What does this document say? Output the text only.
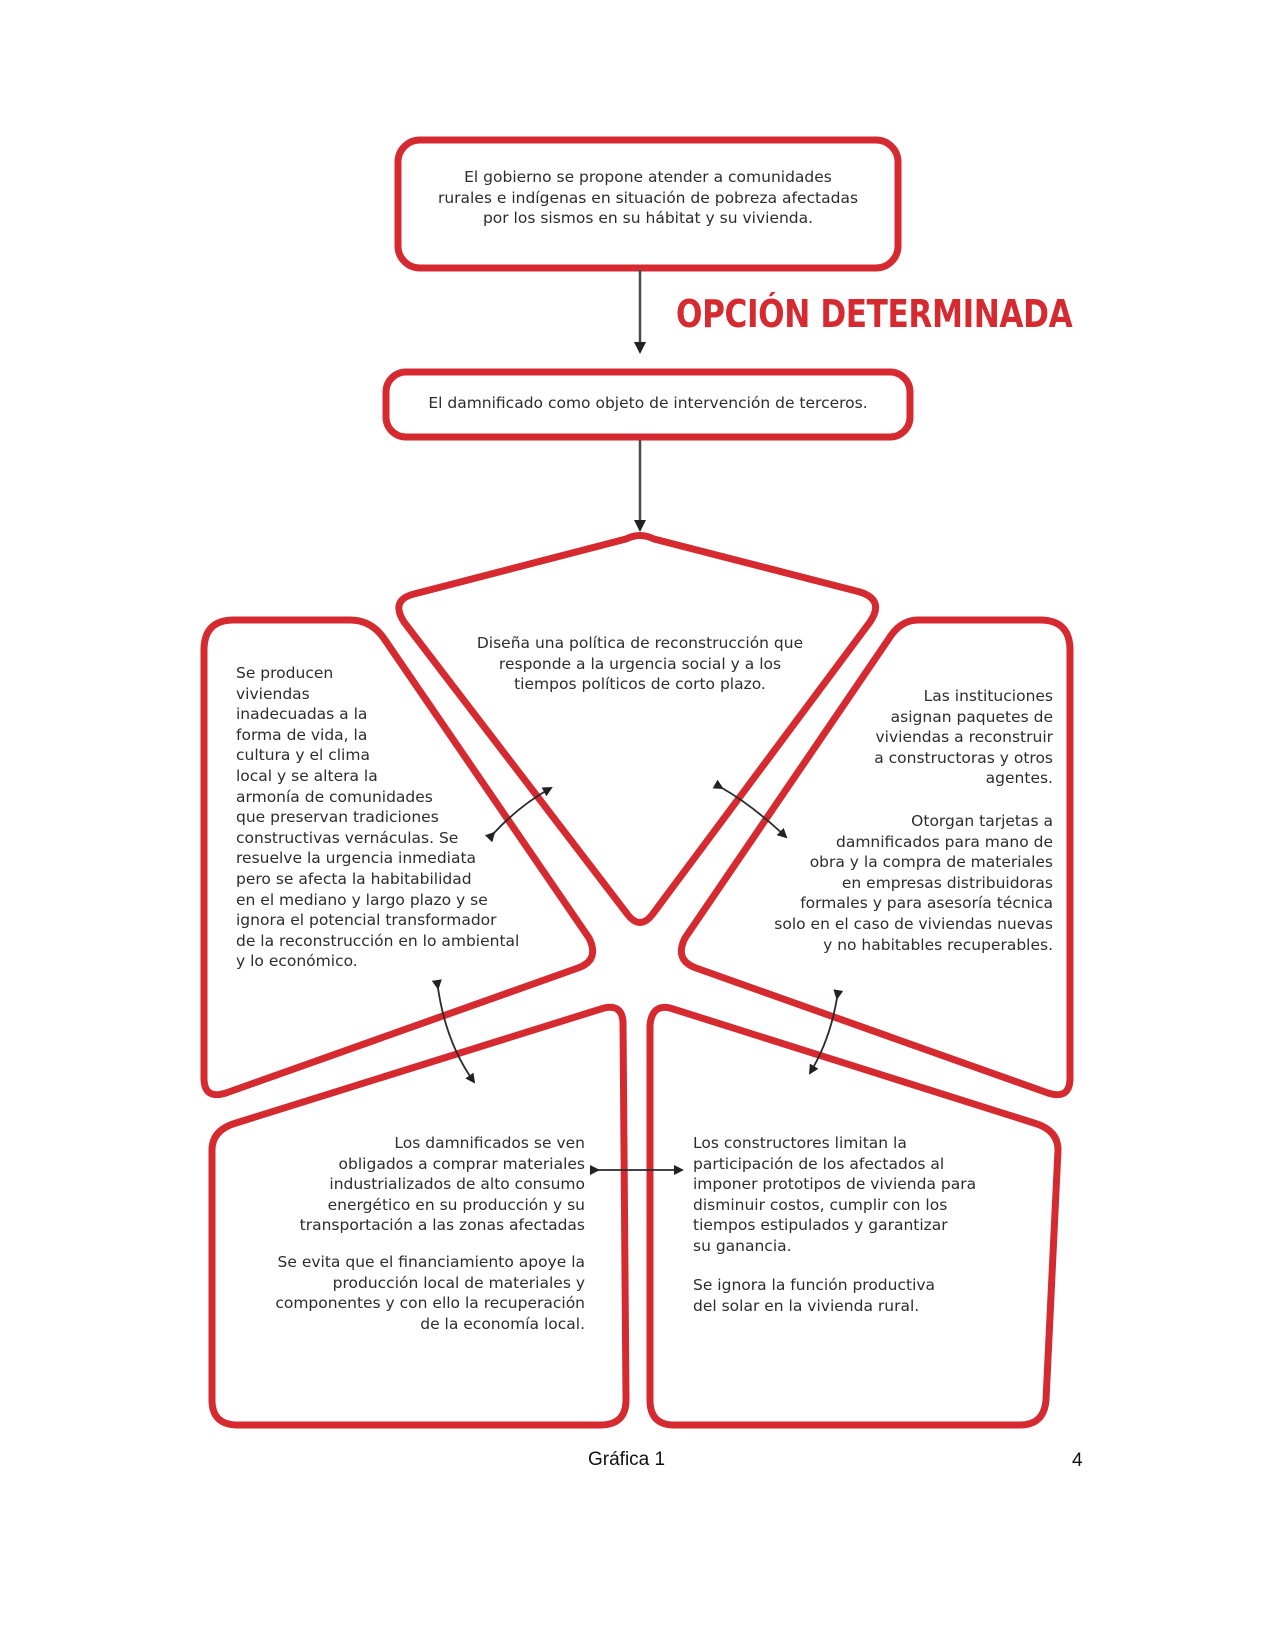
El gobierno se propone atender a comunidades
rurales e indígenas en situación de pobreza afectadas
por los sismos en su hábitat y su vivienda.
OPCIÓN DETERMINADA
El damnificado como objeto de intervención de terceros.
Diseña una política de reconstrucción que
responde a la urgencia social y a los
tiempos políticos de corto plazo.
Se producen
viviendas
inadecuadas a la
forma de vida, la
cultura y el clima
local y se altera la
armonía de comunidades
que preservan tradiciones
constructivas vernáculas. Se
resuelve la urgencia inmediata
pero se afecta la habitabilidad
en el mediano y largo plazo y se
ignora el potencial transformador
de la reconstrucción en lo ambiental
y lo económico.
Las instituciones
asignan paquetes de
viviendas a reconstruir
a constructoras y otros
agentes.
Otorgan tarjetas a
damnificados para mano de
obra y la compra de materiales
en empresas distribuidoras
formales y para asesoría técnica
solo en el caso de viviendas nuevas
y no habitables recuperables.
Los damnificados se ven
obligados a comprar materiales
industrializados de alto consumo
energético en su producción y su
transportación a las zonas afectadas
Se evita que el financiamiento apoye la
producción local de materiales y
componentes y con ello la recuperación
de la economía local.
Los constructores limitan la
participación de los afectados al
imponer prototipos de vivienda para
disminuir costos, cumplir con los
tiempos estipulados y garantizar
su ganancia.
Se ignora la función productiva
del solar en la vivienda rural.
Gráfica 1	4
